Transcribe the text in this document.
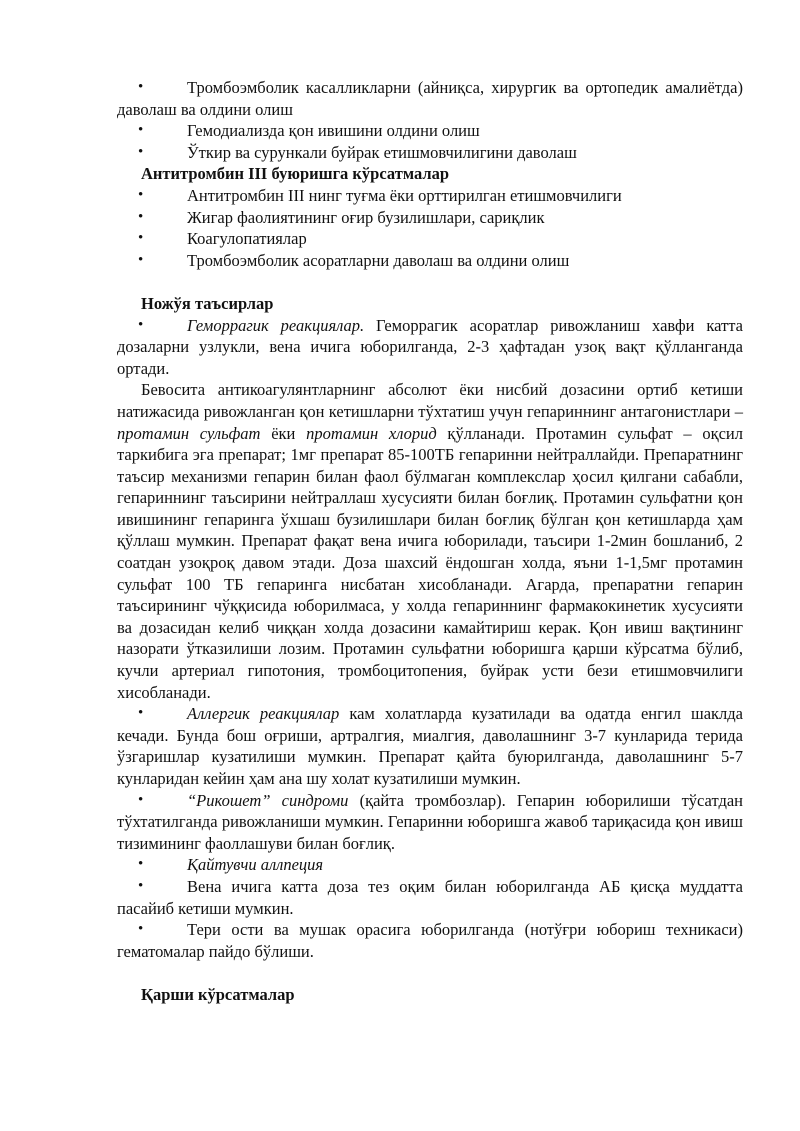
•	Тромбоэмболик касалликларни (айниқса, хирургик ва ортопедик амалиётда) даволаш ва олдини олиш

•	Гемодиализда қон ивишини олдини олиш

•	Ўткир ва сурункали буйрак етишмовчилигини даволаш

Антитромбин III буюришга кўрсатмалар

•	Антитромбин III нинг туғма ёки орттирилган етишмовчилиги

•	Жигар фаолиятининг оғир бузилишлари, сариқлик

•	Коагулопатиялар

•	Тромбоэмболик асоратларни даволаш ва олдини олиш

Ножўя таъсирлар

•	Геморрагик реакциялар. Геморрагик асоратлар ривожланиш хавфи катта дозаларни узлукли, вена ичига юборилганда, 2-3 ҳафтадан узоқ вақт қўлланганда ортади.

Бевосита антикоагулянтларнинг абсолют ёки нисбий дозасини ортиб кетиши натижасида ривожланган қон кетишларни тўхтатиш учун гепариннинг антагонистлари – протамин сульфат ёки протамин хлорид қўлланади. Протамин сульфат – оқсил таркибига эга препарат; 1мг препарат 85-100ТБ гепаринни нейтраллайди. Препаратнинг таъсир механизми гепарин билан фаол бўлмаган комплекслар ҳосил қилгани сабабли, гепариннинг таъсирини нейтраллаш хусусияти билан боғлиқ. Протамин сульфатни қон ивишининг гепаринга ўхшаш бузилишлари билан боғлиқ бўлган қон кетишларда ҳам қўллаш мумкин. Препарат фақат вена ичига юборилади, таъсири 1-2мин бошланиб, 2 соатдан узоқроқ давом этади. Доза шахсий ёндошган холда, яъни 1-1,5мг протамин сульфат 100 ТБ гепаринга нисбатан хисобланади. Агарда, препаратни гепарин таъсирининг чўққисида юборилмаса, у холда гепариннинг фармакокинетик хусусияти ва дозасидан келиб чиққан холда дозасини камайтириш керак. Қон ивиш вақтининг назорати ўтказилиши лозим. Протамин сульфатни юборишга қарши кўрсатма бўлиб, кучли артериал гипотония, тромбоцитопения, буйрак усти бези етишмовчилиги хисобланади.

•	Аллергик реакциялар кам холатларда кузатилади ва одатда енгил шаклда кечади. Бунда бош оғриши, артралгия, миалгия, даволашнинг 3-7 кунларида терида ўзгаришлар кузатилиши мумкин. Препарат қайта буюрилганда, даволашнинг 5-7 кунларидан кейин ҳам ана шу холат кузатилиши мумкин.

•	“Рикошет” синдроми (қайта тромбозлар). Гепарин юборилиши тўсатдан тўхтатилганда ривожланиши мумкин. Гепаринни юборишга жавоб тариқасида қон ивиш тизимининг фаоллашуви билан боғлиқ.

•	Қайтувчи аллпеция

•	Вена ичига катта доза тез оқим билан юборилганда АБ қисқа муддатта пасайиб кетиши мумкин.

•	Тери ости ва мушак орасига юборилганда (нотўғри юбориш техникаси) гематомалар пайдо бўлиши.

Қарши кўрсатмалар
